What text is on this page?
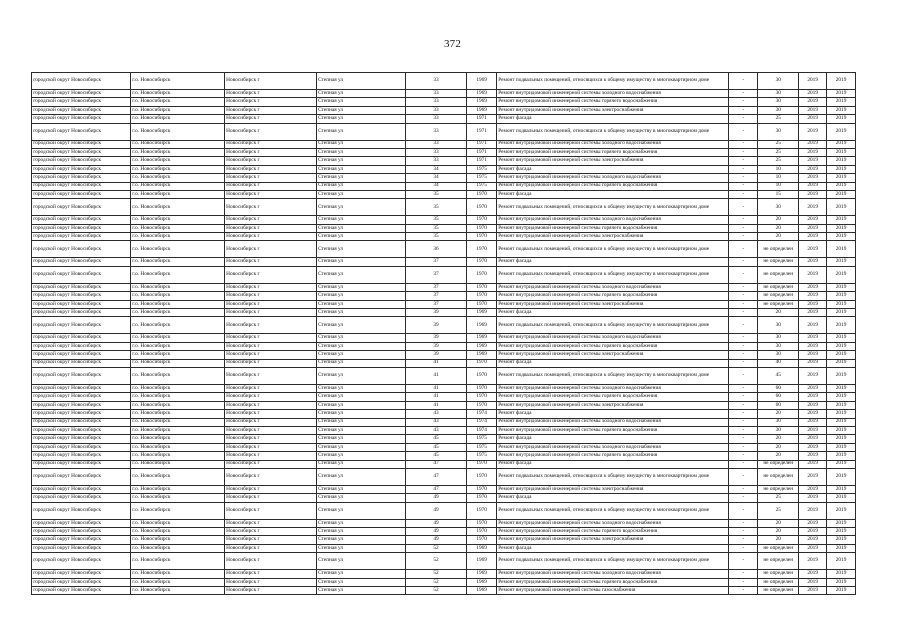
372
городской округ Новосибирск	г.о. Новосибирск	Новосибирск г	Степная ул	33	1969	Ремонт подвальных помещений, относящихся к общему имуществу в многоквартирном доме	-	30	2019	2019
городской округ Новосибирск	г.о. Новосибирск	Новосибирск г	Степная ул	33	1969	Ремонт внутридомовой инженерной системы холодного водоснабжения	-	30	2019	2019
городской округ Новосибирск	г.о. Новосибирск	Новосибирск г	Степная ул	33	1969	Ремонт внутридомовой инженерной системы горячего водоснабжения	-	30	2019	2019
городской округ Новосибирск	г.о. Новосибирск	Новосибирск г	Степная ул	33	1969	Ремонт внутридомовой инженерной системы электроснабжения	-	30	2019	2019
городской округ Новосибирск	г.о. Новосибирск	Новосибирск г	Степная ул	33	1971	Ремонт фасада	-	25	2019	2019
городской округ Новосибирск	г.о. Новосибирск	Новосибирск г	Степная ул	33	1971	Ремонт подвальных помещений, относящихся к общему имуществу в многоквартирном доме	-	30	2019	2019
городской округ Новосибирск	г.о. Новосибирск	Новосибирск г	Степная ул	33	1971	Ремонт внутридомовой инженерной системы холодного водоснабжения	-	25	2019	2019
городской округ Новосибирск	г.о. Новосибирск	Новосибирск г	Степная ул	33	1971	Ремонт внутридомовой инженерной системы горячего водоснабжения	-	25	2019	2019
городской округ Новосибирск	г.о. Новосибирск	Новосибирск г	Степная ул	33	1971	Ремонт внутридомовой инженерной системы электроснабжения	-	25	2019	2019
городской округ Новосибирск	г.о. Новосибирск	Новосибирск г	Степная ул	34	1975	Ремонт фасада	-	10	2019	2019
городской округ Новосибирск	г.о. Новосибирск	Новосибирск г	Степная ул	34	1975	Ремонт внутридомовой инженерной системы холодного водоснабжения	-	10	2019	2019
городской округ Новосибирск	г.о. Новосибирск	Новосибирск г	Степная ул	34	1975	Ремонт внутридомовой инженерной системы горячего водоснабжения	-	10	2019	2019
городской округ Новосибирск	г.о. Новосибирск	Новосибирск г	Степная ул	35	1970	Ремонт фасада	-	15	2019	2019
городской округ Новосибирск	г.о. Новосибирск	Новосибирск г	Степная ул	35	1970	Ремонт подвальных помещений, относящихся к общему имуществу в многоквартирном доме	-	30	2019	2019
городской округ Новосибирск	г.о. Новосибирск	Новосибирск г	Степная ул	35	1970	Ремонт внутридомовой инженерной системы холодного водоснабжения	-	20	2019	2019
городской округ Новосибирск	г.о. Новосибирск	Новосибирск г	Степная ул	35	1970	Ремонт внутридомовой инженерной системы горячего водоснабжения	-	20	2019	2019
городской округ Новосибирск	г.о. Новосибирск	Новосибирск г	Степная ул	35	1970	Ремонт внутридомовой инженерной системы электроснабжения	-	20	2019	2019
городской округ Новосибирск	г.о. Новосибирск	Новосибирск г	Степная ул	36	1970	Ремонт подвальных помещений, относящихся к общему имуществу в многоквартирном доме	-	не определен	2019	2019
городской округ Новосибирск	г.о. Новосибирск	Новосибирск г	Степная ул	37	1970	Ремонт фасада	-	не определен	2019	2019
городской округ Новосибирск	г.о. Новосибирск	Новосибирск г	Степная ул	37	1970	Ремонт подвальных помещений, относящихся к общему имуществу в многоквартирном доме	-	не определен	2019	2019
городской округ Новосибирск	г.о. Новосибирск	Новосибирск г	Степная ул	37	1970	Ремонт внутридомовой инженерной системы холодного водоснабжения	-	не определен	2019	2019
городской округ Новосибирск	г.о. Новосибирск	Новосибирск г	Степная ул	37	1970	Ремонт внутридомовой инженерной системы горячего водоснабжения	-	не определен	2019	2019
городской округ Новосибирск	г.о. Новосибирск	Новосибирск г	Степная ул	37	1970	Ремонт внутридомовой инженерной системы электроснабжения	-	не определен	2019	2019
городской округ Новосибирск	г.о. Новосибирск	Новосибирск г	Степная ул	39	1969	Ремонт фасада	-	20	2019	2019
городской округ Новосибирск	г.о. Новосибирск	Новосибирск г	Степная ул	39	1969	Ремонт подвальных помещений, относящихся к общему имуществу в многоквартирном доме	-	30	2019	2019
городской округ Новосибирск	г.о. Новосибирск	Новосибирск г	Степная ул	39	1969	Ремонт внутридомовой инженерной системы холодного водоснабжения	-	30	2019	2019
городской округ Новосибирск	г.о. Новосибирск	Новосибирск г	Степная ул	39	1969	Ремонт внутридомовой инженерной системы горячего водоснабжения	-	30	2019	2019
городской округ Новосибирск	г.о. Новосибирск	Новосибирск г	Степная ул	39	1969	Ремонт внутридомовой инженерной системы электроснабжения	-	30	2019	2019
городской округ Новосибирск	г.о. Новосибирск	Новосибирск г	Степная ул	41	1970	Ремонт фасада	-	40	2019	2019
городской округ Новосибирск	г.о. Новосибирск	Новосибирск г	Степная ул	41	1970	Ремонт подвальных помещений, относящихся к общему имуществу в многоквартирном доме	-	45	2019	2019
городской округ Новосибирск	г.о. Новосибирск	Новосибирск г	Степная ул	41	1970	Ремонт внутридомовой инженерной системы холодного водоснабжения	-	60	2019	2019
городской округ Новосибирск	г.о. Новосибирск	Новосибирск г	Степная ул	41	1970	Ремонт внутридомовой инженерной системы горячего водоснабжения	-	60	2019	2019
городской округ Новосибирск	г.о. Новосибирск	Новосибирск г	Степная ул	41	1970	Ремонт внутридомовой инженерной системы электроснабжения	-	60	2019	2019
городской округ Новосибирск	г.о. Новосибирск	Новосибирск г	Степная ул	43	1974	Ремонт фасада	-	20	2019	2019
городской округ Новосибирск	г.о. Новосибирск	Новосибирск г	Степная ул	43	1974	Ремонт внутридомовой инженерной системы холодного водоснабжения	-	30	2019	2019
городской округ Новосибирск	г.о. Новосибирск	Новосибирск г	Степная ул	43	1974	Ремонт внутридомовой инженерной системы горячего водоснабжения	-	30	2019	2019
городской округ Новосибирск	г.о. Новосибирск	Новосибирск г	Степная ул	45	1975	Ремонт фасада	-	20	2019	2019
городской округ Новосибирск	г.о. Новосибирск	Новосибирск г	Степная ул	45	1975	Ремонт внутридомовой инженерной системы холодного водоснабжения	-	20	2019	2019
городской округ Новосибирск	г.о. Новосибирск	Новосибирск г	Степная ул	45	1975	Ремонт внутридомовой инженерной системы горячего водоснабжения	-	20	2019	2019
городской округ Новосибирск	г.о. Новосибирск	Новосибирск г	Степная ул	47	1970	Ремонт фасада	-	не определен	2019	2019
городской округ Новосибирск	г.о. Новосибирск	Новосибирск г	Степная ул	47	1970	Ремонт подвальных помещений, относящихся к общему имуществу в многоквартирном доме	-	не определен	2019	2019
городской округ Новосибирск	г.о. Новосибирск	Новосибирск г	Степная ул	47	1970	Ремонт внутридомовой инженерной системы электроснабжения	-	не определен	2019	2019
городской округ Новосибирск	г.о. Новосибирск	Новосибирск г	Степная ул	49	1970	Ремонт фасада	-	25	2019	2019
городской округ Новосибирск	г.о. Новосибирск	Новосибирск г	Степная ул	49	1970	Ремонт подвальных помещений, относящихся к общему имуществу в многоквартирном доме	-	25	2019	2019
городской округ Новосибирск	г.о. Новосибирск	Новосибирск г	Степная ул	49	1970	Ремонт внутридомовой инженерной системы холодного водоснабжения	-	20	2019	2019
городской округ Новосибирск	г.о. Новосибирск	Новосибирск г	Степная ул	49	1970	Ремонт внутридомовой инженерной системы горячего водоснабжения	-	20	2019	2019
городской округ Новосибирск	г.о. Новосибирск	Новосибирск г	Степная ул	49	1970	Ремонт внутридомовой инженерной системы электроснабжения	-	20	2019	2019
городской округ Новосибирск	г.о. Новосибирск	Новосибирск г	Степная ул	52	1969	Ремонт фасада	-	не определен	2019	2019
городской округ Новосибирск	г.о. Новосибирск	Новосибирск г	Степная ул	52	1969	Ремонт подвальных помещений, относящихся к общему имуществу в многоквартирном доме	-	не определен	2019	2019
городской округ Новосибирск	г.о. Новосибирск	Новосибирск г	Степная ул	52	1969	Ремонт внутридомовой инженерной системы холодного водоснабжения	-	не определен	2019	2019
городской округ Новосибирск	г.о. Новосибирск	Новосибирск г	Степная ул	52	1969	Ремонт внутридомовой инженерной системы горячего водоснабжения	-	не определен	2019	2019
городской округ Новосибирск	г.о. Новосибирск	Новосибирск г	Степная ул	52	1969	Ремонт внутридомовой инженерной системы газоснабжения	-	не определен	2019	2019
